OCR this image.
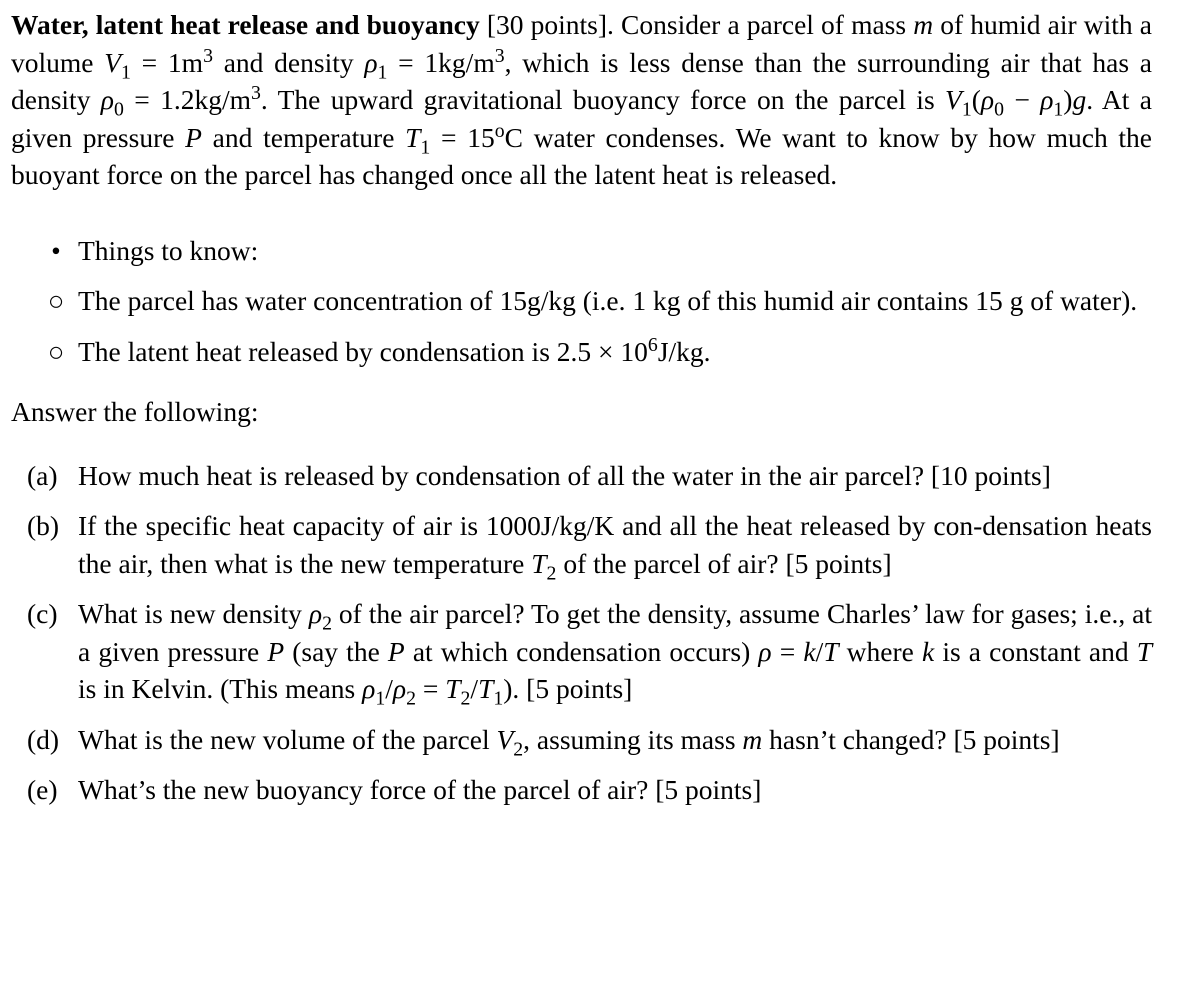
Water, latent heat release and buoyancy [30 points]. Consider a parcel of mass m of humid air with a volume $V_1 = 1m^3$ and density $\rho_1 = 1kg/m^3$, which is less dense than the surrounding air that has a density $\rho_0 = 1.2kg/m^3$. The upward gravitational buoyancy force on the parcel is $V_1(\rho_0 - \rho_1)g$. At a given pressure P and temperature $T_1 = 15^oC$ water condenses. We want to know by how much the buoyant force on the parcel has changed once all the latent heat is released.

• Things to know:
○ The parcel has water concentration of 15g/kg (i.e. 1 kg of this humid air contains 15 g of water).
○ The latent heat released by condensation is $2.5 \times 10^6J/kg$.

Answer the following:

(a) How much heat is released by condensation of all the water in the air parcel? [10 points]
(b) If the specific heat capacity of air is 1000J/kg/K and all the heat released by con-densation heats the air, then what is the new temperature $T_2$ of the parcel of air? [5 points]
(c) What is new density $\rho_2$ of the air parcel? To get the density, assume Charles’ law for gases; i.e., at a given pressure P (say the P at which condensation occurs) ρ = k/T where k is a constant and T is in Kelvin. (This means $\rho_1/\rho_2 = T_2/T_1$). [5 points]
(d) What is the new volume of the parcel $V_2$, assuming its mass m hasn’t changed? [5 points]
(e) What’s the new buoyancy force of the parcel of air? [5 points]
